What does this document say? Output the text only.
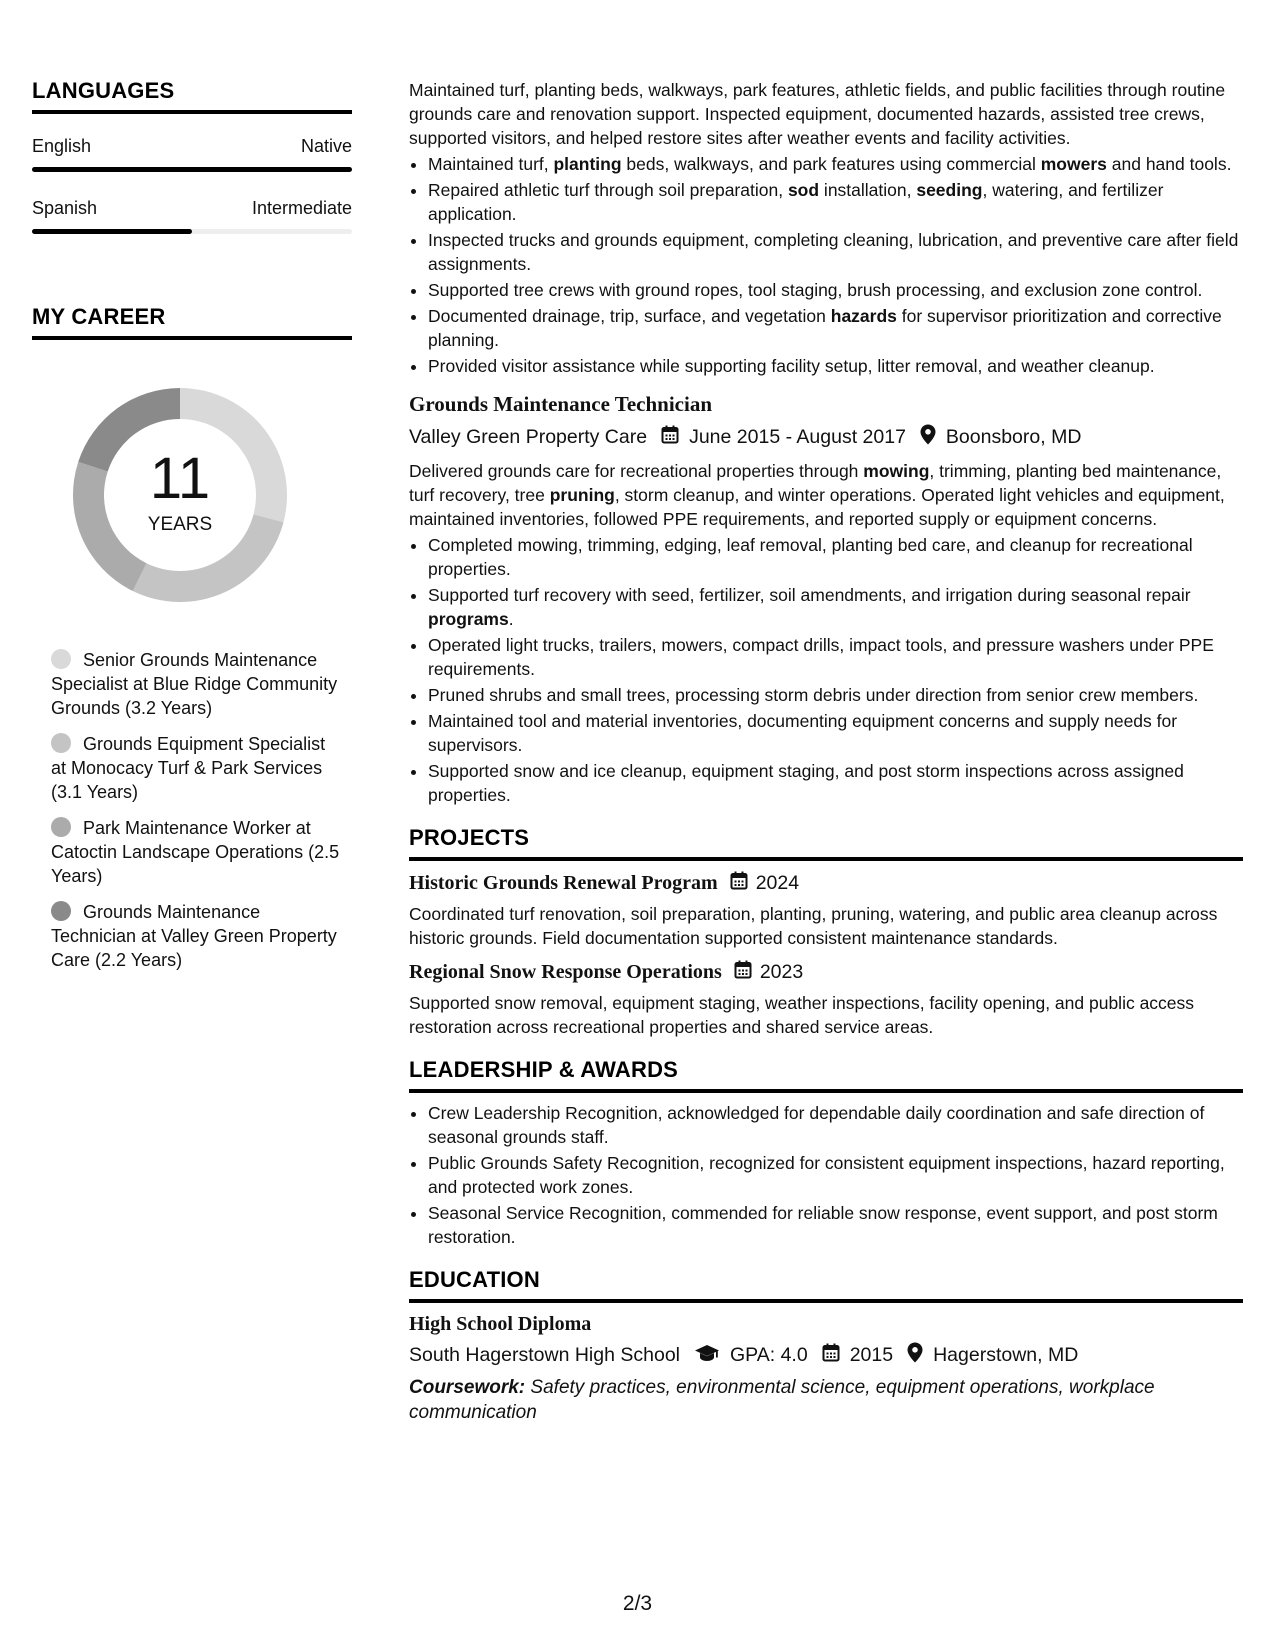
LANGUAGES
English	Native
Spanish	Intermediate
MY CAREER
11
YEARS
Senior Grounds Maintenance Specialist at Blue Ridge Community Grounds (3.2 Years)
Grounds Equipment Specialist at Monocacy Turf & Park Services (3.1 Years)
Park Maintenance Worker at Catoctin Landscape Operations (2.5 Years)
Grounds Maintenance Technician at Valley Green Property Care (2.2 Years)

Maintained turf, planting beds, walkways, park features, athletic fields, and public facilities through routine grounds care and renovation support. Inspected equipment, documented hazards, assisted tree crews, supported visitors, and helped restore sites after weather events and facility activities.

• Maintained turf, planting beds, walkways, and park features using commercial mowers and hand tools.
• Repaired athletic turf through soil preparation, sod installation, seeding, watering, and fertilizer application.
• Inspected trucks and grounds equipment, completing cleaning, lubrication, and preventive care after field assignments.
• Supported tree crews with ground ropes, tool staging, brush processing, and exclusion zone control.
• Documented drainage, trip, surface, and vegetation hazards for supervisor prioritization and corrective planning.
• Provided visitor assistance while supporting facility setup, litter removal, and weather cleanup.
Grounds Maintenance Technician
Valley Green Property Care June 2015 - August 2017 Boonsboro, MD

Delivered grounds care for recreational properties through mowing, trimming, planting bed maintenance, turf recovery, tree pruning, storm cleanup, and winter operations. Operated light vehicles and equipment, maintained inventories, followed PPE requirements, and reported supply or equipment concerns.

• Completed mowing, trimming, edging, leaf removal, planting bed care, and cleanup for recreational properties.
• Supported turf recovery with seed, fertilizer, soil amendments, and irrigation during seasonal repair programs.
• Operated light trucks, trailers, mowers, compact drills, impact tools, and pressure washers under PPE requirements.
• Pruned shrubs and small trees, processing storm debris under direction from senior crew members.
• Maintained tool and material inventories, documenting equipment concerns and supply needs for supervisors.
• Supported snow and ice cleanup, equipment staging, and post storm inspections across assigned properties.
PROJECTS
Historic Grounds Renewal Program 2024

Coordinated turf renovation, soil preparation, planting, pruning, watering, and public area cleanup across historic grounds. Field documentation supported consistent maintenance standards.

Regional Snow Response Operations 2023

Supported snow removal, equipment staging, weather inspections, facility opening, and public access restoration across recreational properties and shared service areas.

LEADERSHIP & AWARDS
• Crew Leadership Recognition, acknowledged for dependable daily coordination and safe direction of seasonal grounds staff.
• Public Grounds Safety Recognition, recognized for consistent equipment inspections, hazard reporting, and protected work zones.
• Seasonal Service Recognition, commended for reliable snow response, event support, and post storm restoration.
EDUCATION
High School Diploma
South Hagerstown High School	GPA: 4.0 2015 Hagerstown, MD
Coursework: Safety practices, environmental science, equipment operations, workplace communication
2/3
